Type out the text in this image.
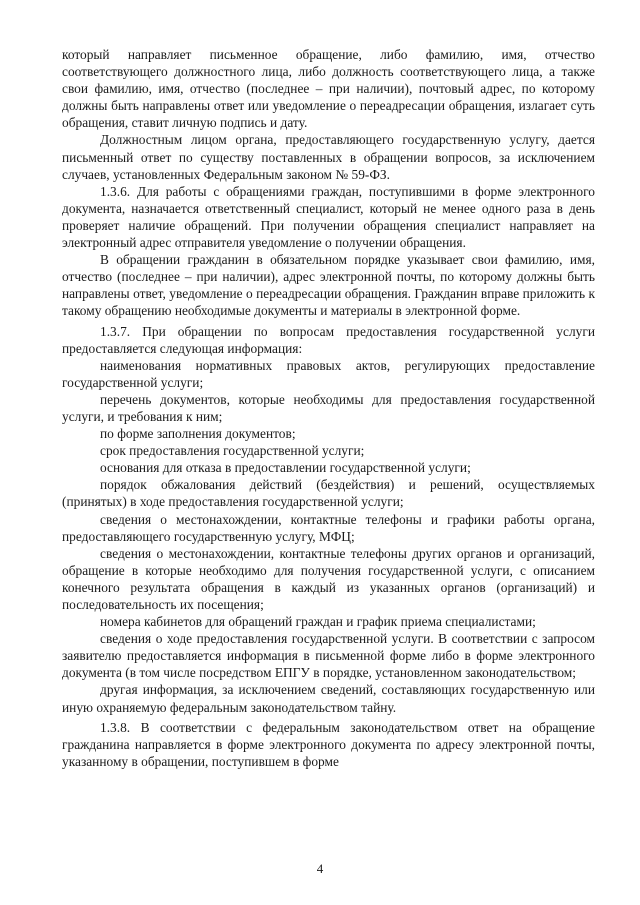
который направляет письменное обращение, либо фамилию, имя, отчество соответствующего должностного лица, либо должность соответствующего лица, а также свои фамилию, имя, отчество (последнее – при наличии), почтовый адрес, по которому должны быть направлены ответ или уведомление о переадресации обращения, излагает суть обращения, ставит личную подпись и дату.

Должностным лицом органа, предоставляющего государственную услугу, дается письменный ответ по существу поставленных в обращении вопросов, за исключением случаев, установленных Федеральным законом № 59-ФЗ.

1.3.6. Для работы с обращениями граждан, поступившими в форме электронного документа, назначается ответственный специалист, который не менее одного раза в день проверяет наличие обращений. При получении обращения специалист направляет на электронный адрес отправителя уведомление о получении обращения.

В обращении гражданин в обязательном порядке указывает свои фамилию, имя, отчество (последнее – при наличии), адрес электронной почты, по которому должны быть направлены ответ, уведомление о переадресации обращения. Гражданин вправе приложить к такому обращению необходимые документы и материалы в электронной форме.

1.3.7. При обращении по вопросам предоставления государственной услуги предоставляется следующая информация:

наименования нормативных правовых актов, регулирующих предоставление государственной услуги;

перечень документов, которые необходимы для предоставления государственной услуги, и требования к ним;

по форме заполнения документов;

срок предоставления государственной услуги;

основания для отказа в предоставлении государственной услуги;

порядок обжалования действий (бездействия) и решений, осуществляемых (принятых) в ходе предоставления государственной услуги;

сведения о местонахождении, контактные телефоны и графики работы органа, предоставляющего государственную услугу, МФЦ;

сведения о местонахождении, контактные телефоны других органов и организаций, обращение в которые необходимо для получения государственной услуги, с описанием конечного результата обращения в каждый из указанных органов (организаций) и последовательность их посещения;

номера кабинетов для обращений граждан и график приема специалистами;

сведения о ходе предоставления государственной услуги. В соответствии с запросом заявителю предоставляется информация в письменной форме либо в форме электронного документа (в том числе посредством ЕПГУ в порядке, установленном законодательством;

другая информация, за исключением сведений, составляющих государственную или иную охраняемую федеральным законодательством тайну.

1.3.8. В соответствии с федеральным законодательством ответ на обращение гражданина направляется в форме электронного документа по адресу электронной почты, указанному в обращении, поступившем в форме

4
